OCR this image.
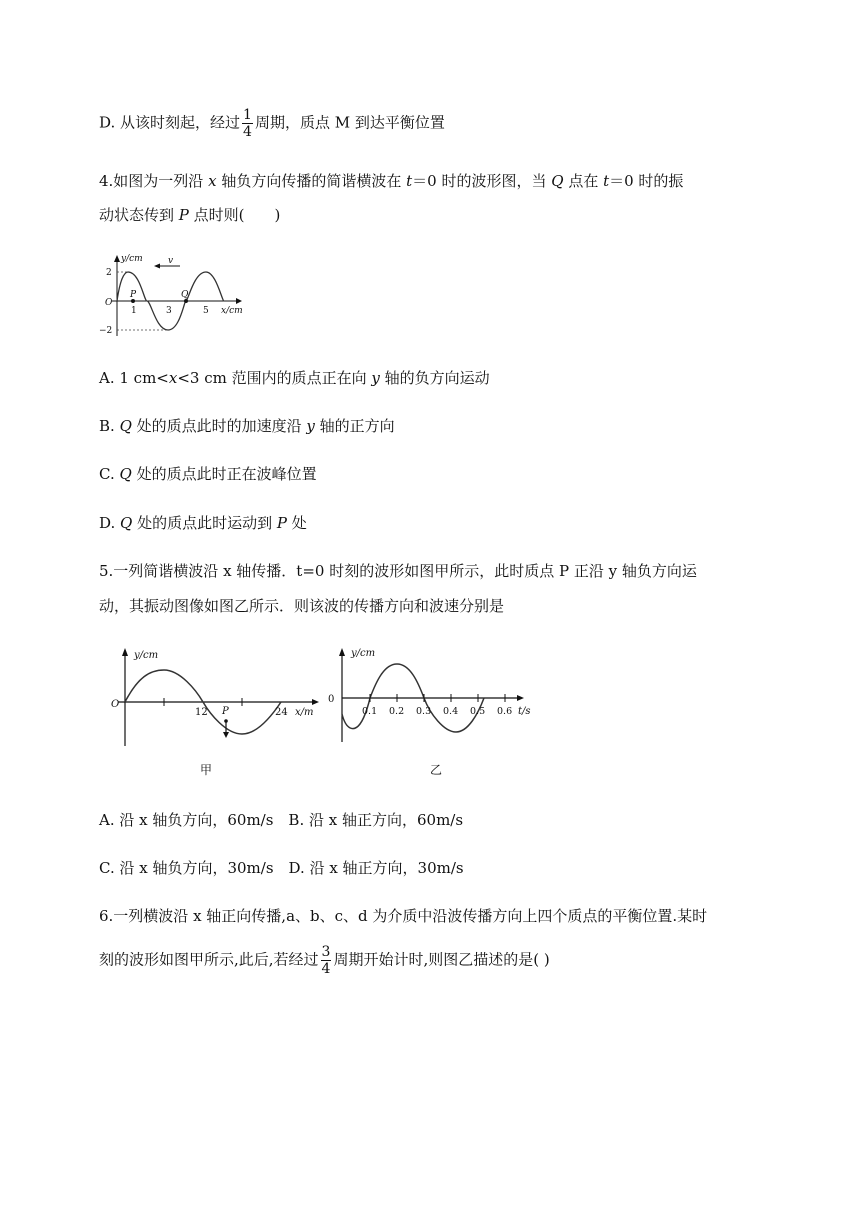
D. 从该时刻起，经过 $\frac{1}{4}$ 周期，质点 M 到达平衡位置
4.如图为一列沿 x 轴负方向传播的简谐横波在 t＝0 时的波形图，当 Q 点在 t＝0 时的振
动状态传到 P 点时则(　　)
y/cm	v
2
−2
O
1	3	5 x/cm
P	Q
A. 1 cm<x<3 cm 范围内的质点正在向 y 轴的负方向运动
B. Q 处的质点此时的加速度沿 y 轴的正方向
C. Q 处的质点此时正在波峰位置
D. Q 处的质点此时运动到 P 处
5.一列简谐横波沿 x 轴传播．t=0 时刻的波形如图甲所示，此时质点 P 正沿 y 轴负方向运
动，其振动图像如图乙所示．则该波的传播方向和波速分别是
y/cm
O
12 P	24 x/m
甲
y/cm
0
0.1 0.2 0.3 0.4 0.5 0.6 t/s
乙
A. 沿 x 轴负方向，60m/s　B. 沿 x 轴正方向，60m/s
C. 沿 x 轴负方向，30m/s　D. 沿 x 轴正方向，30m/s
6.一列横波沿 x 轴正向传播,a、b、c、d 为介质中沿波传播方向上四个质点的平衡位置.某时
刻的波形如图甲所示,此后,若经过 $\frac{3}{4}$ 周期开始计时,则图乙描述的是( )
